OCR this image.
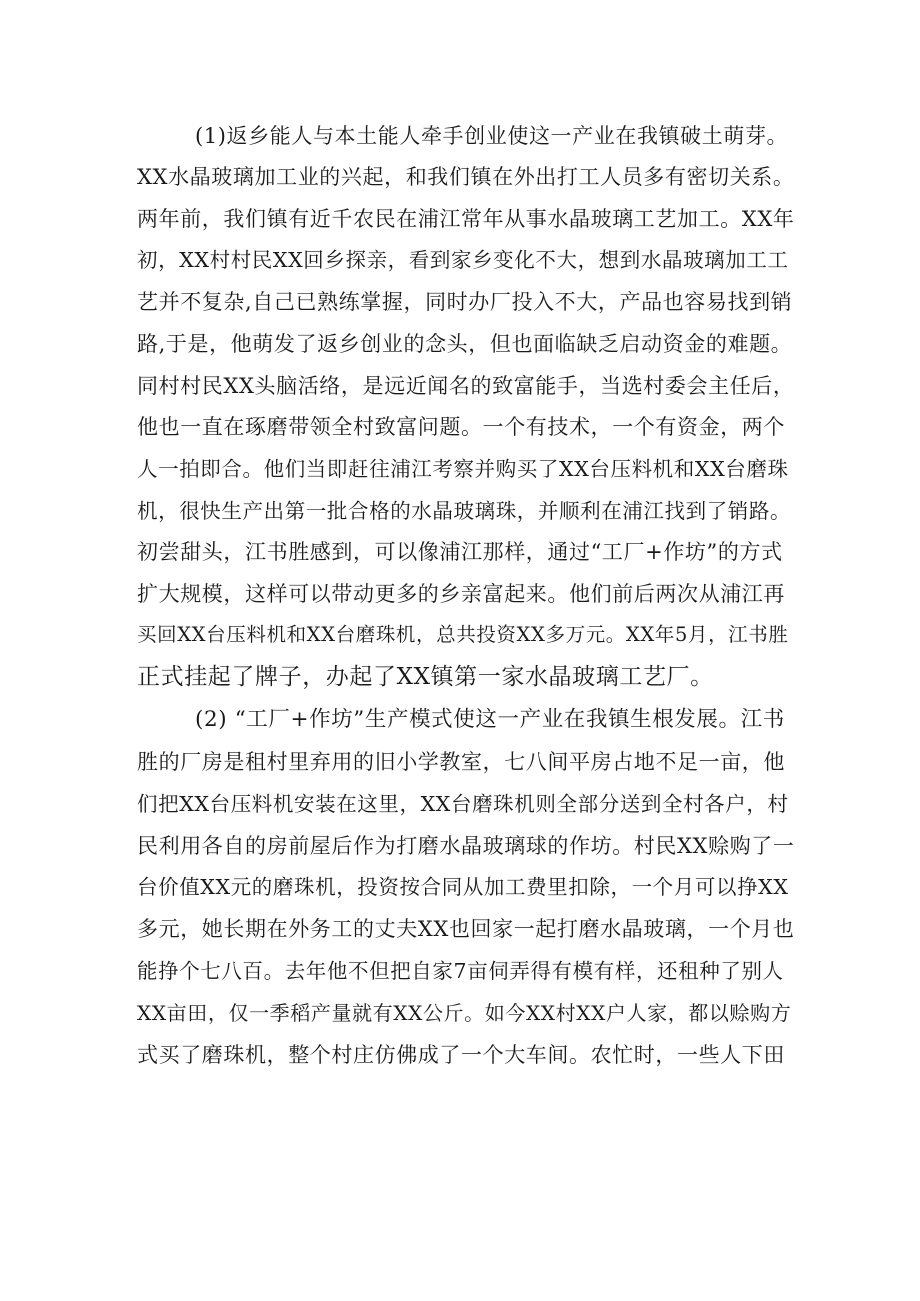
(1)返乡能人与本土能人牵手创业使这一产业在我镇破土萌芽。
XX水晶玻璃加工业的兴起，和我们镇在外出打工人员多有密切关系。
两年前，我们镇有近千农民在浦江常年从事水晶玻璃工艺加工。XX年
初，XX村村民XX回乡探亲，看到家乡变化不大，想到水晶玻璃加工工
艺并不复杂,自己已熟练掌握，同时办厂投入不大，产品也容易找到销
路,于是，他萌发了返乡创业的念头，但也面临缺乏启动资金的难题。
同村村民XX头脑活络，是远近闻名的致富能手，当选村委会主任后，
他也一直在琢磨带领全村致富问题。一个有技术，一个有资金，两个
人一拍即合。他们当即赶往浦江考察并购买了XX台压料机和XX台磨珠
机，很快生产出第一批合格的水晶玻璃珠，并顺利在浦江找到了销路。
初尝甜头，江书胜感到，可以像浦江那样，通过“工厂+作坊”的方式
扩大规模，这样可以带动更多的乡亲富起来。他们前后两次从浦江再
买回XX台压料机和XX台磨珠机，总共投资XX多万元。XX年5月，江书胜
正式挂起了牌子，办起了XX镇第一家水晶玻璃工艺厂。
(2) “工厂+作坊”生产模式使这一产业在我镇生根发展。江书
胜的厂房是租村里弃用的旧小学教室，七八间平房占地不足一亩，他
们把XX台压料机安装在这里，XX台磨珠机则全部分送到全村各户，村
民利用各自的房前屋后作为打磨水晶玻璃球的作坊。村民XX赊购了一
台价值XX元的磨珠机，投资按合同从加工费里扣除，一个月可以挣XX
多元，她长期在外务工的丈夫XX也回家一起打磨水晶玻璃，一个月也
能挣个七八百。去年他不但把自家7亩伺弄得有模有样，还租种了别人
XX亩田，仅一季稻产量就有XX公斤。如今XX村XX户人家，都以赊购方
式买了磨珠机，整个村庄仿佛成了一个大车间。农忙时，一些人下田
